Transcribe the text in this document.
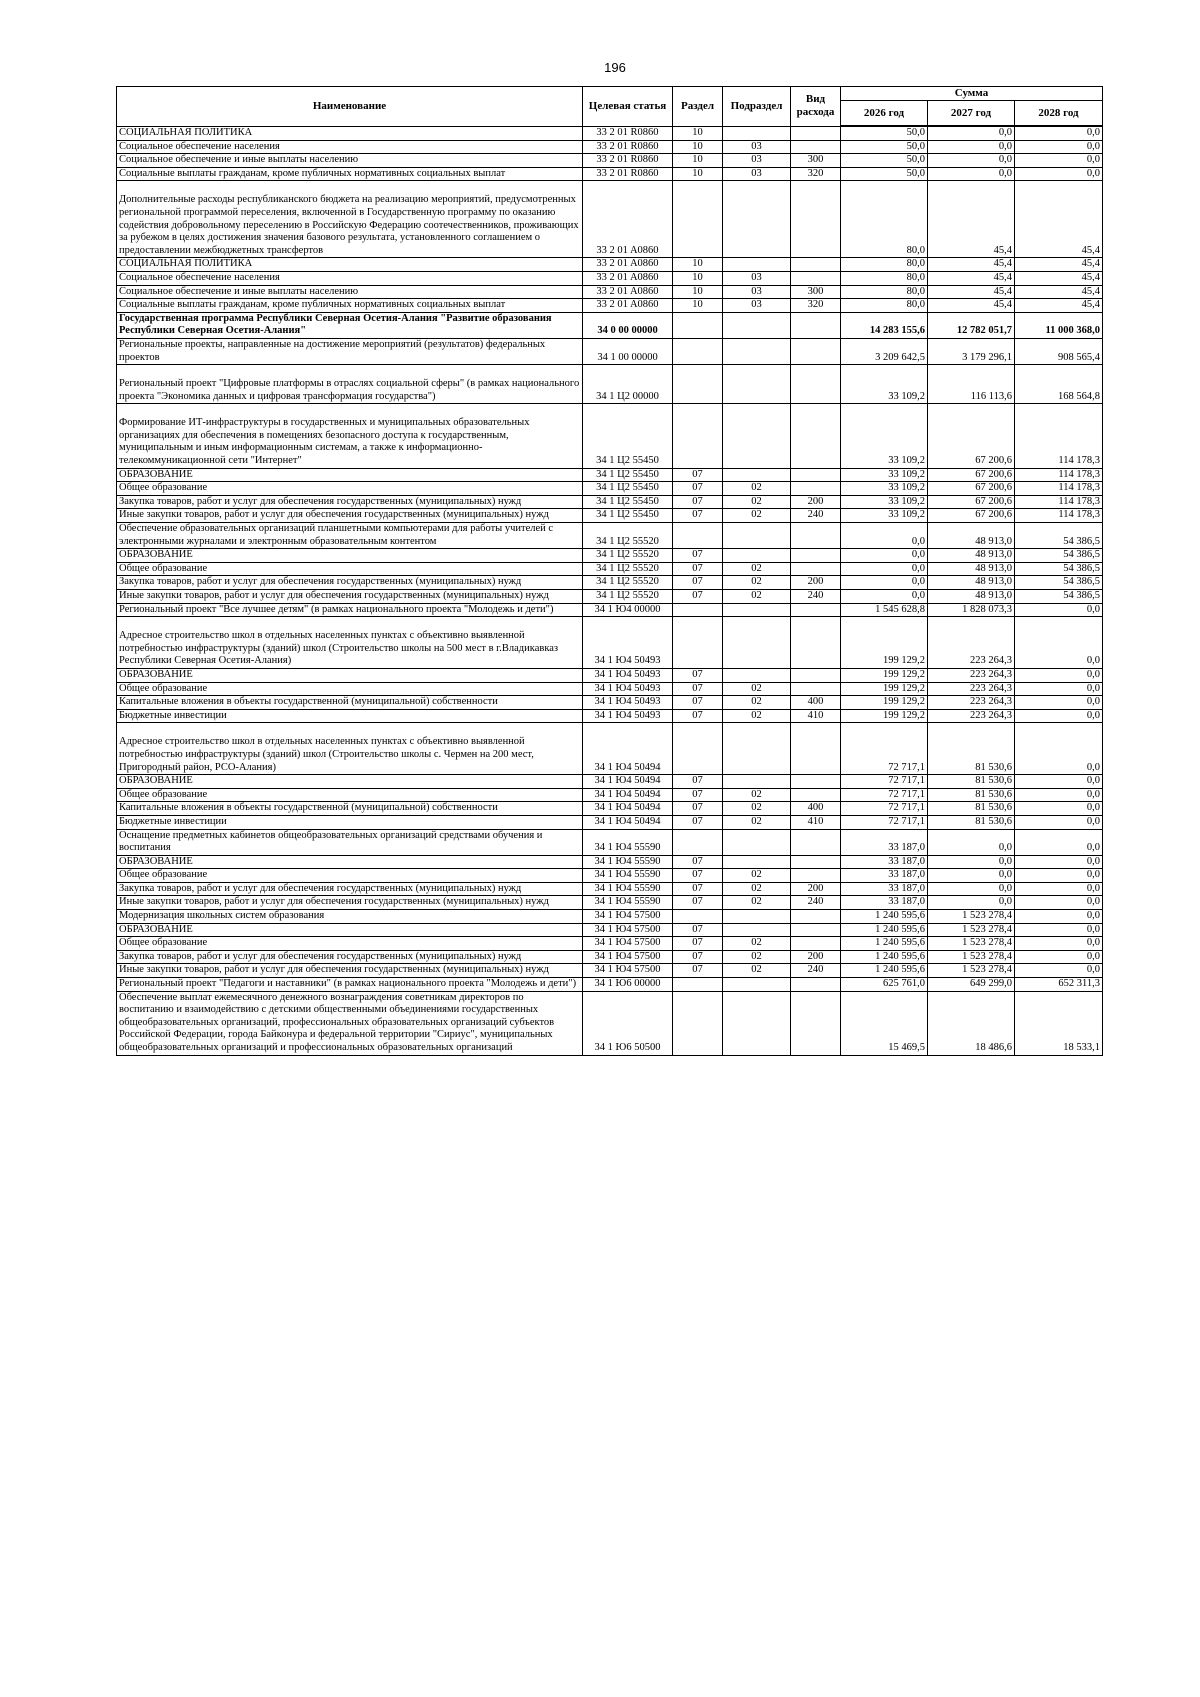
196
Наименование	Целевая статья	Раздел	Подраздел	Вид расхода	Сумма		
					2026 год	2027 год	2028 год
СОЦИАЛЬНАЯ ПОЛИТИКА	33 2 01 R0860	10			50,0	0,0	0,0
Социальное обеспечение населения	33 2 01 R0860	10	03		50,0	0,0	0,0
Социальное обеспечение и иные выплаты населению	33 2 01 R0860	10	03	300	50,0	0,0	0,0
Социальные выплаты гражданам, кроме публичных нормативных социальных выплат	33 2 01 R0860	10	03	320	50,0	0,0	0,0
Дополнительные расходы республиканского бюджета на реализацию мероприятий, предусмотренных региональной программой переселения, включенной в Государственную программу по оказанию содействия добровольному переселению в Российскую Федерацию соотечественников, проживающих за рубежом в целях достижения значения базового результата, установленного соглашением о предоставлении межбюджетных трансфертов	33 2 01 A0860				80,0	45,4	45,4
СОЦИАЛЬНАЯ ПОЛИТИКА	33 2 01 A0860	10			80,0	45,4	45,4
Социальное обеспечение населения	33 2 01 A0860	10	03		80,0	45,4	45,4
Социальное обеспечение и иные выплаты населению	33 2 01 A0860	10	03	300	80,0	45,4	45,4
Социальные выплаты гражданам, кроме публичных нормативных социальных выплат	33 2 01 A0860	10	03	320	80,0	45,4	45,4
Государственная программа Республики Северная Осетия-Алания "Развитие образования Республики Северная Осетия-Алания"	34 0 00 00000				14 283 155,6	12 782 051,7	11 000 368,0
Региональные проекты, направленные на достижение мероприятий (результатов) федеральных проектов	34 1 00 00000				3 209 642,5	3 179 296,1	908 565,4
Региональный проект "Цифровые платформы в отраслях социальной сферы" (в рамках национального проекта "Экономика данных и цифровая трансформация государства")	34 1 Ц2 00000				33 109,2	116 113,6	168 564,8
Формирование ИТ-инфраструктуры в государственных и муниципальных образовательных организациях для обеспечения в помещениях безопасного доступа к государственным, муниципальным и иным информационным системам, а также к информационно-телекоммуникационной сети "Интернет"	34 1 Ц2 55450				33 109,2	67 200,6	114 178,3
ОБРАЗОВАНИЕ	34 1 Ц2 55450	07			33 109,2	67 200,6	114 178,3
Общее образование	34 1 Ц2 55450	07	02		33 109,2	67 200,6	114 178,3
Закупка товаров, работ и услуг для обеспечения государственных (муниципальных) нужд	34 1 Ц2 55450	07	02	200	33 109,2	67 200,6	114 178,3
Иные закупки товаров, работ и услуг для обеспечения государственных (муниципальных) нужд	34 1 Ц2 55450	07	02	240	33 109,2	67 200,6	114 178,3
Обеспечение образовательных организаций планшетными компьютерами для работы учителей с электронными журналами и электронным образовательным контентом	34 1 Ц2 55520				0,0	48 913,0	54 386,5
ОБРАЗОВАНИЕ	34 1 Ц2 55520	07			0,0	48 913,0	54 386,5
Общее образование	34 1 Ц2 55520	07	02		0,0	48 913,0	54 386,5
Закупка товаров, работ и услуг для обеспечения государственных (муниципальных) нужд	34 1 Ц2 55520	07	02	200	0,0	48 913,0	54 386,5
Иные закупки товаров, работ и услуг для обеспечения государственных (муниципальных) нужд	34 1 Ц2 55520	07	02	240	0,0	48 913,0	54 386,5
Региональный проект "Все лучшее детям" (в рамках национального проекта "Молодежь и дети")	34 1 Ю4 00000				1 545 628,8	1 828 073,3	0,0
Адресное строительство школ в отдельных населенных пунктах с объективно выявленной потребностью инфраструктуры (зданий) школ (Строительство школы на 500 мест в г.Владикавказ Республики Северная Осетия-Алания)	34 1 Ю4 50493				199 129,2	223 264,3	0,0
ОБРАЗОВАНИЕ	34 1 Ю4 50493	07			199 129,2	223 264,3	0,0
Общее образование	34 1 Ю4 50493	07	02		199 129,2	223 264,3	0,0
Капитальные вложения в объекты государственной (муниципальной) собственности	34 1 Ю4 50493	07	02	400	199 129,2	223 264,3	0,0
Бюджетные инвестиции	34 1 Ю4 50493	07	02	410	199 129,2	223 264,3	0,0
Адресное строительство школ в отдельных населенных пунктах с объективно выявленной потребностью инфраструктуры (зданий) школ (Строительство школы с. Чермен на 200 мест, Пригородный район, РСО-Алания)	34 1 Ю4 50494				72 717,1	81 530,6	0,0
ОБРАЗОВАНИЕ	34 1 Ю4 50494	07			72 717,1	81 530,6	0,0
Общее образование	34 1 Ю4 50494	07	02		72 717,1	81 530,6	0,0
Капитальные вложения в объекты государственной (муниципальной) собственности	34 1 Ю4 50494	07	02	400	72 717,1	81 530,6	0,0
Бюджетные инвестиции	34 1 Ю4 50494	07	02	410	72 717,1	81 530,6	0,0
Оснащение предметных кабинетов общеобразовательных организаций средствами обучения и воспитания	34 1 Ю4 55590				33 187,0	0,0	0,0
ОБРАЗОВАНИЕ	34 1 Ю4 55590	07			33 187,0	0,0	0,0
Общее образование	34 1 Ю4 55590	07	02		33 187,0	0,0	0,0
Закупка товаров, работ и услуг для обеспечения государственных (муниципальных) нужд	34 1 Ю4 55590	07	02	200	33 187,0	0,0	0,0
Иные закупки товаров, работ и услуг для обеспечения государственных (муниципальных) нужд	34 1 Ю4 55590	07	02	240	33 187,0	0,0	0,0
Модернизация школьных систем образования	34 1 Ю4 57500				1 240 595,6	1 523 278,4	0,0
ОБРАЗОВАНИЕ	34 1 Ю4 57500	07			1 240 595,6	1 523 278,4	0,0
Общее образование	34 1 Ю4 57500	07	02		1 240 595,6	1 523 278,4	0,0
Закупка товаров, работ и услуг для обеспечения государственных (муниципальных) нужд	34 1 Ю4 57500	07	02	200	1 240 595,6	1 523 278,4	0,0
Иные закупки товаров, работ и услуг для обеспечения государственных (муниципальных) нужд	34 1 Ю4 57500	07	02	240	1 240 595,6	1 523 278,4	0,0
Региональный проект "Педагоги и наставники" (в рамках национального проекта "Молодежь и дети")	34 1 Ю6 00000				625 761,0	649 299,0	652 311,3
Обеспечение выплат ежемесячного денежного вознаграждения советникам директоров по воспитанию и взаимодействию с детскими общественными объединениями государственных общеобразовательных организаций, профессиональных образовательных организаций субъектов Российской Федерации, города Байконура и федеральной территории "Сириус", муниципальных общеобразовательных организаций и профессиональных образовательных организаций	34 1 Ю6 50500				15 469,5	18 486,6	18 533,1
